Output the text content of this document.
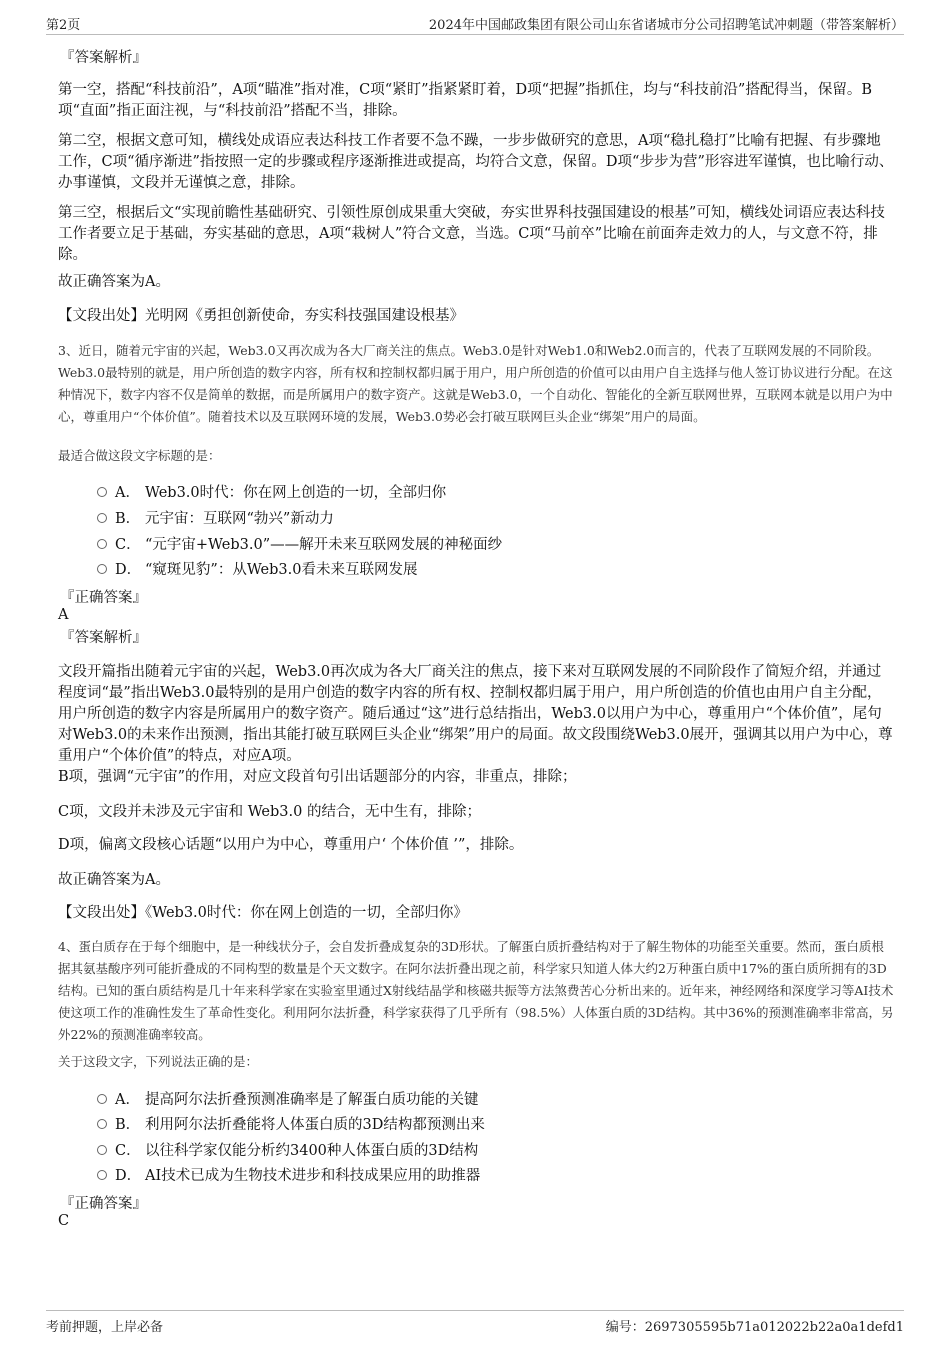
第2页	2024年中国邮政集团有限公司山东省诸城市分公司招聘笔试冲刺题（带答案解析）
『答案解析』
第一空，搭配“科技前沿”，A项“瞄准”指对准，C项“紧盯”指紧紧盯着，D项“把握”指抓住，均与“科技前沿”搭配得当，保留。B项“直面”指正面注视，与“科技前沿”搭配不当，排除。
第二空，根据文意可知，横线处成语应表达科技工作者要不急不躁，一步步做研究的意思，A项“稳扎稳打”比喻有把握、有步骤地工作，C项“循序渐进”指按照一定的步骤或程序逐渐推进或提高，均符合文意，保留。D项“步步为营”形容进军谨慎，也比喻行动、办事谨慎，文段并无谨慎之意，排除。
第三空，根据后文“实现前瞻性基础研究、引领性原创成果重大突破，夯实世界科技强国建设的根基”可知，横线处词语应表达科技工作者要立足于基础，夯实基础的意思，A项“栽树人”符合文意，当选。C项“马前卒”比喻在前面奔走效力的人，与文意不符，排除。
故正确答案为A。
【文段出处】光明网《勇担创新使命，夯实科技强国建设根基》
3、近日，随着元宇宙的兴起，Web3.0又再次成为各大厂商关注的焦点。Web3.0是针对Web1.0和Web2.0而言的，代表了互联网发展的不同阶段。Web3.0最特别的就是，用户所创造的数字内容，所有权和控制权都归属于用户，用户所创造的价值可以由用户自主选择与他人签订协议进行分配。在这种情况下，数字内容不仅是简单的数据，而是所属用户的数字资产。这就是Web3.0，一个自动化、智能化的全新互联网世界，互联网本就是以用户为中心，尊重用户“个体价值”。随着技术以及互联网环境的发展，Web3.0势必会打破互联网巨头企业“绑架”用户的局面。
最适合做这段文字标题的是：
A． Web3.0时代：你在网上创造的一切，全部归你
B． 元宇宙：互联网“勃兴”新动力
C． “元宇宙+Web3.0”——解开未来互联网发展的神秘面纱
D． “窥斑见豹”：从Web3.0看未来互联网发展
『正确答案』
A
『答案解析』
文段开篇指出随着元宇宙的兴起，Web3.0再次成为各大厂商关注的焦点，接下来对互联网发展的不同阶段作了简短介绍，并通过程度词“最”指出Web3.0最特别的是用户创造的数字内容的所有权、控制权都归属于用户，用户所创造的价值也由用户自主分配，用户所创造的数字内容是所属用户的数字资产。随后通过“这”进行总结指出，Web3.0以用户为中心，尊重用户“个体价值”，尾句对Web3.0的未来作出预测，指出其能打破互联网巨头企业“绑架”用户的局面。故文段围绕Web3.0展开，强调其以用户为中心，尊重用户“个体价值”的特点，对应A项。
B项，强调“元宇宙”的作用，对应文段首句引出话题部分的内容，非重点，排除；
C项，文段并未涉及元宇宙和 Web3.0 的结合，无中生有，排除；
D项，偏离文段核心话题“以用户为中心，尊重用户‘ 个体价值 ’”，排除。
故正确答案为A。
【文段出处】《Web3.0时代：你在网上创造的一切，全部归你》
4、蛋白质存在于每个细胞中，是一种线状分子，会自发折叠成复杂的3D形状。了解蛋白质折叠结构对于了解生物体的功能至关重要。然而，蛋白质根据其氨基酸序列可能折叠成的不同构型的数量是个天文数字。在阿尔法折叠出现之前，科学家只知道人体大约2万种蛋白质中17%的蛋白质所拥有的3D结构。已知的蛋白质结构是几十年来科学家在实验室里通过X射线结晶学和核磁共振等方法煞费苦心分析出来的。近年来，神经网络和深度学习等AI技术使这项工作的准确性发生了革命性变化。利用阿尔法折叠，科学家获得了几乎所有（98.5%）人体蛋白质的3D结构。其中36%的预测准确率非常高，另外22%的预测准确率较高。
关于这段文字，下列说法正确的是：
A． 提高阿尔法折叠预测准确率是了解蛋白质功能的关键
B． 利用阿尔法折叠能将人体蛋白质的3D结构都预测出来
C． 以往科学家仅能分析约3400种人体蛋白质的3D结构
D． AI技术已成为生物技术进步和科技成果应用的助推器
『正确答案』
C
考前押题，上岸必备	编号：2697305595b71a012022b22a0a1defd1
